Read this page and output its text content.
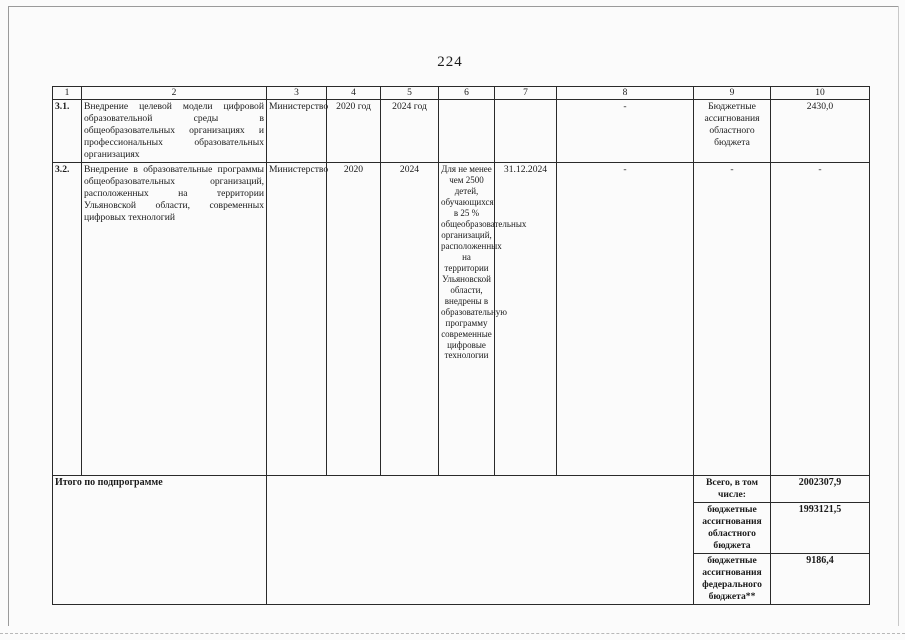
224
1	2	3	4	5	6	7	8	9	10
3.1.	Внедрение целевой модели цифровой образовательной среды в общеобразовательных организациях и профессиональных образовательных организациях	Министерство	2020 год	2024 год			-	Бюджетные ассигнования областного бюджета	2430,0
3.2.	Внедрение в образовательные программы общеобразовательных организаций, расположенных на территории Ульяновской области, современных цифровых технологий	Министерство	2020	2024	Для не менее чем 2500 детей, обучающихся в 25 % общеобразовательных организаций, расположенных на территории Ульяновской области, внедрены в образовательную программу современные цифровые технологии	31.12.2024	-	-	-
Итого по подпрограмме								Всего, в том числе:	2002307,9
								бюджетные ассигнования областного бюджета	1993121,5
								бюджетные ассигнования федерального бюджета**	9186,4
